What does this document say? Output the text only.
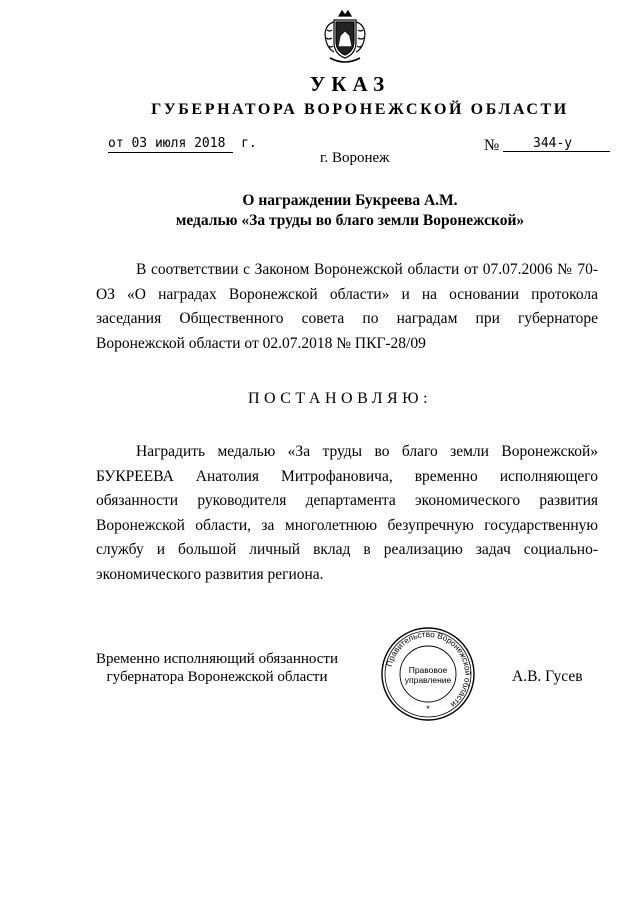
УКАЗ
ГУБЕРНАТОРА ВОРОНЕЖСКОЙ ОБЛАСТИ
от 03 июля 2018 г.	№	344-у
г. Воронеж
О награждении Букреева А.М.
медалью «За труды во благо земли Воронежской»
В соответствии с Законом Воронежской области от 07.07.2006 № 70-ОЗ «О наградах Воронежской области» и на основании протокола заседания Общественного совета по наградам при губернаторе Воронежской области от 02.07.2018 № ПКГ-28/09
ПОСТАНОВЛЯЮ:
Наградить медалью «За труды во благо земли Воронежской» БУКРЕЕВА Анатолия Митрофановича, временно исполняющего обязанности руководителя департамента экономического развития Воронежской области, за многолетнюю безупречную государственную службу и большой личный вклад в реализацию задач социально-экономического развития региона.
Временно исполняющий обязанности
губернатора Воронежской области
Правительство Воронежской области
Правовое
управление
*
А.В. Гусев
